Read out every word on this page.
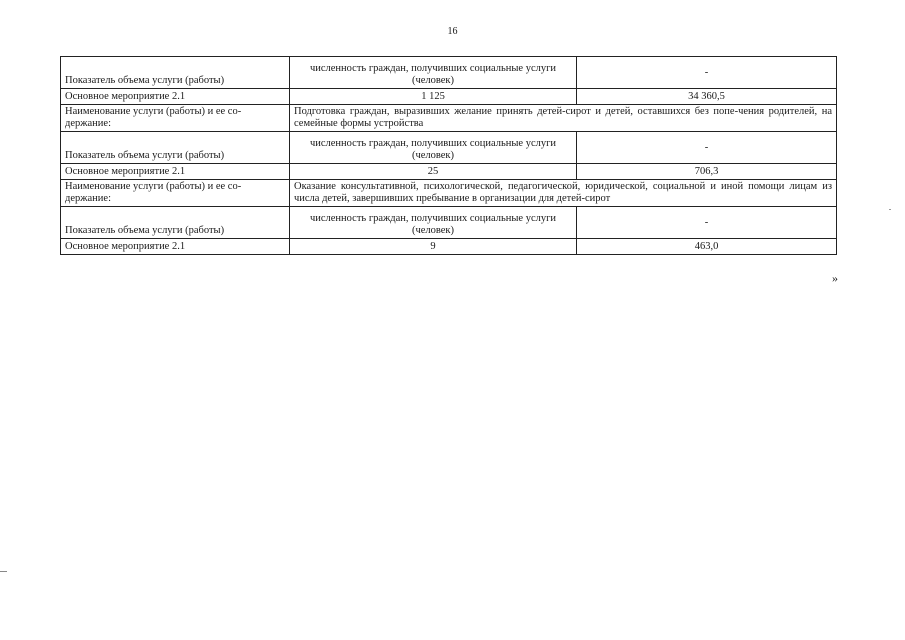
16
Показатель объема услуги (работы)	численность граждан, получивших социальные услуги (человек)	-
Основное мероприятие 2.1	1 125	34 360,5
Наименование услуги (работы) и ее со-держание:	Подготовка граждан, выразивших желание принять детей-сирот и детей, оставшихся без попе-чения родителей, на семейные формы устройства	
Показатель объема услуги (работы)	численность граждан, получивших социальные услуги (человек)	-
Основное мероприятие 2.1	25	706,3
Наименование услуги (работы) и ее со-держание:	Оказание консультативной, психологической, педагогической, юридической, социальной и иной помощи лицам из числа детей, завершивших пребывание в организации для детей-сирот	
Показатель объема услуги (работы)	численность граждан, получивших социальные услуги (человек)	-
Основное мероприятие 2.1	9	463,0
»
